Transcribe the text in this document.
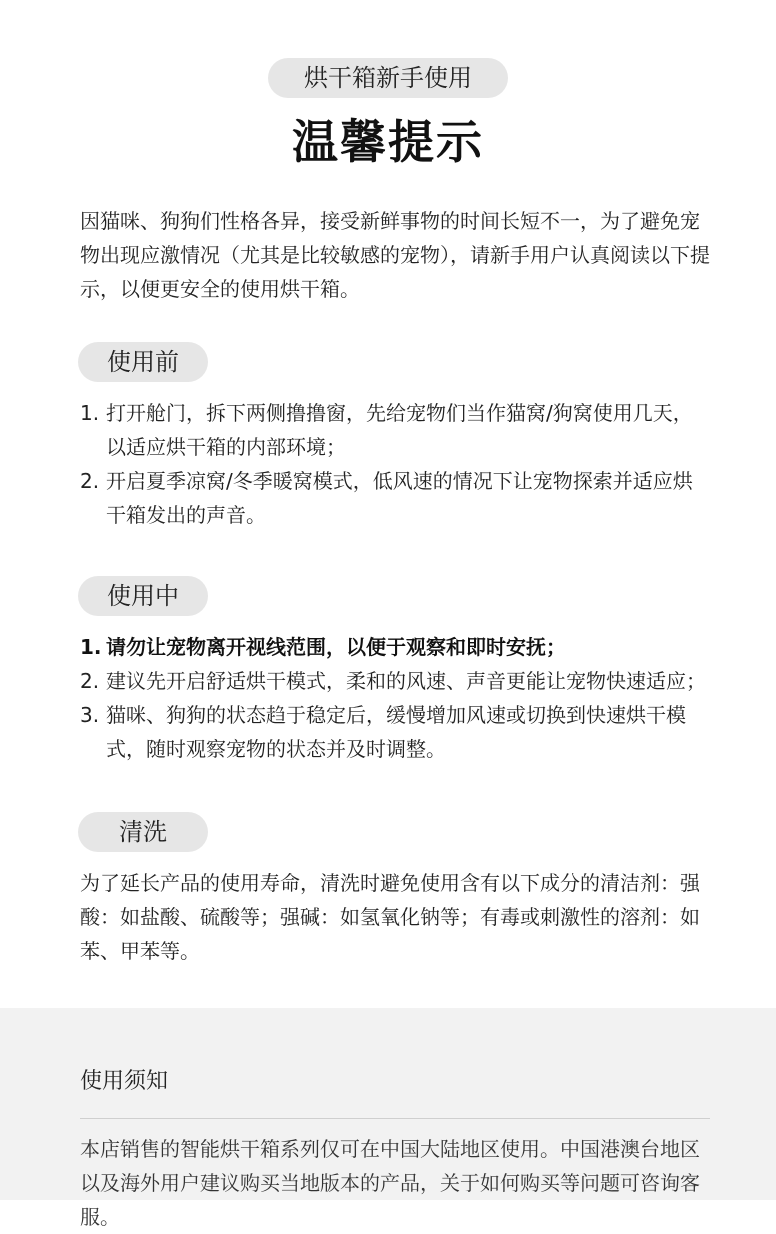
烘干箱新手使用
温馨提示

因猫咪、狗狗们性格各异，接受新鲜事物的时间长短不一，为了避免宠物出现应激情况（尤其是比较敏感的宠物），请新手用户认真阅读以下提示，以便更安全的使用烘干箱。

使用前
1. 打开舱门，拆下两侧撸撸窗，先给宠物们当作猫窝/狗窝使用几天，以适应烘干箱的内部环境；
2. 开启夏季凉窝/冬季暖窝模式，低风速的情况下让宠物探索并适应烘干箱发出的声音。
使用中
1. 请勿让宠物离开视线范围，以便于观察和即时安抚；
2. 建议先开启舒适烘干模式，柔和的风速、声音更能让宠物快速适应；
3. 猫咪、狗狗的状态趋于稳定后，缓慢增加风速或切换到快速烘干模式，随时观察宠物的状态并及时调整。
清洗

为了延长产品的使用寿命，清洗时避免使用含有以下成分的清洁剂：强酸：如盐酸、硫酸等；强碱：如氢氧化钠等；有毒或刺激性的溶剂：如苯、甲苯等。

使用须知

本店销售的智能烘干箱系列仅可在中国大陆地区使用。中国港澳台地区以及海外用户建议购买当地版本的产品，关于如何购买等问题可咨询客服。
